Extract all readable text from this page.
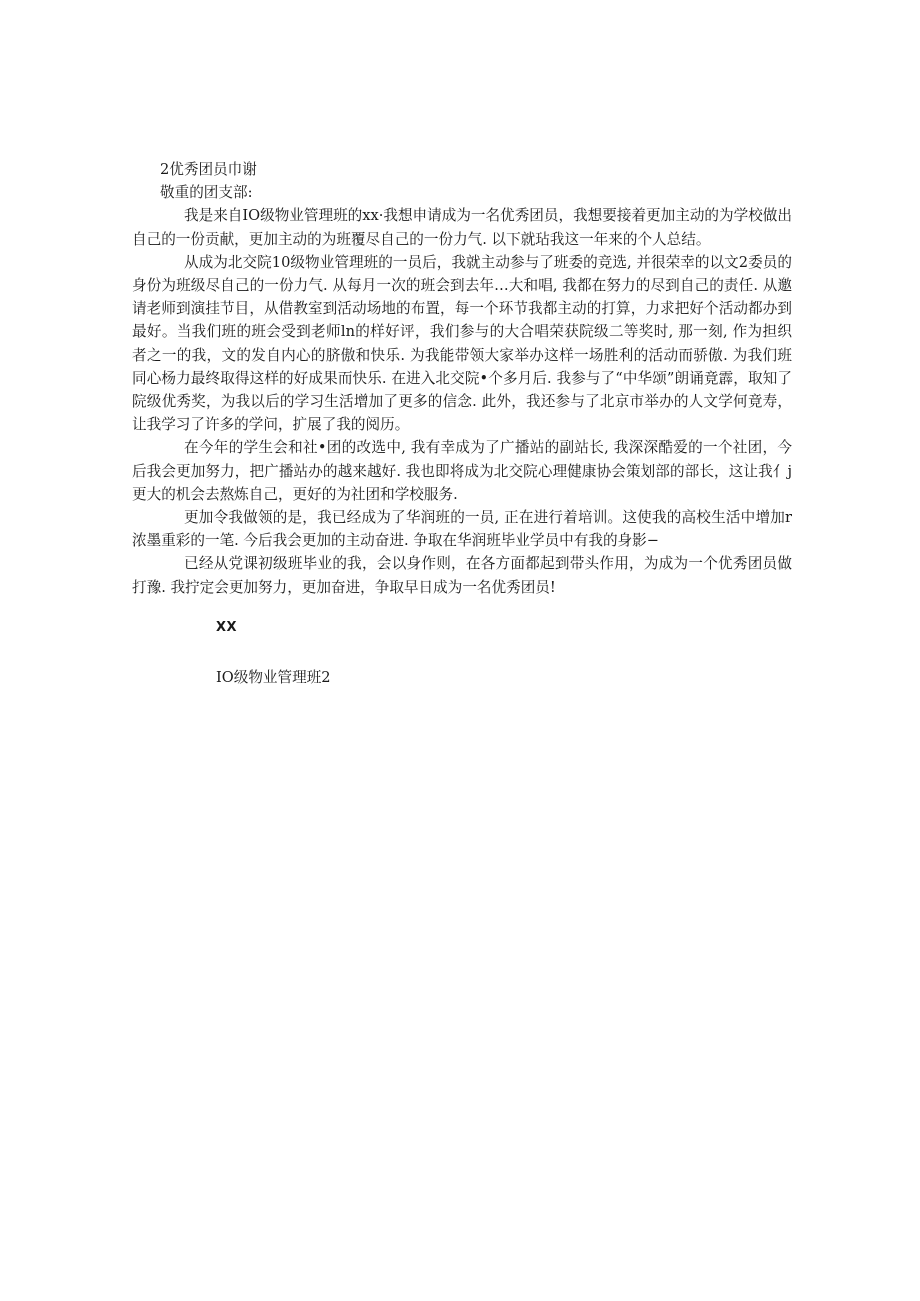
2优秀团员巾谢

敬重的团支部:

我是来自IO级物业管理班的xx·我想申请成为一名优秀团员，我想要接着更加主动的为学校做出自己的一份贡献，更加主动的为班覆尽自己的一份力气. 以下就玷我这一年来的个人总结。

从成为北交院10级物业管理班的一员后，我就主动参与了班委的竞选, 并很荣幸的以文2委员的身份为班级尽自己的一份力气. 从每月一次的班会到去年…大和唱, 我都在努力的尽到自己的责任. 从邀请老师到演挂节目，从借教室到活动场地的布置，每一个环节我都主动的打算，力求把好个活动都办到最好。当我们班的班会受到老师ln的样好评，我们参与的大合唱荣获院级二等奖时, 那一刻, 作为担织者之一的我，文的发自内心的脐傲和快乐. 为我能带领大家举办这样一场胜利的活动而骄傲. 为我们班同心杨力最终取得这样的好成果而快乐. 在进入北交院•个多月后. 我参与了“中华颂”朗诵竟霹，取知了院级优秀奖，为我以后的学习生活增加了更多的信念. 此外，我还参与了北京市举办的人文学何竟寿，让我学习了许多的学问，扩展了我的阅历。

在今年的学生会和社•团的改选中, 我有幸成为了广播站的副站长, 我深深酷爱的一个社团，今后我会更加努力，把广播站办的越来越好. 我也即将成为北交院心理健康协会策划部的部长，这让我亻j更大的机会去熬炼自己，更好的为社团和学校服务.

更加令我做领的是，我已经成为了华润班的一员, 正在进行着培训。这使我的高校生活中增加r浓墨重彩的一笔. 今后我会更加的主动奋进. 争取在华润班毕业学员中有我的身影−

已经从党课初级班毕业的我，会以身作则，在各方面都起到带头作用，为成为一个优秀团员做打豫. 我拧定会更加努力，更加奋进，争取早日成为一名优秀团员!

XX

IO级物业管理班2
